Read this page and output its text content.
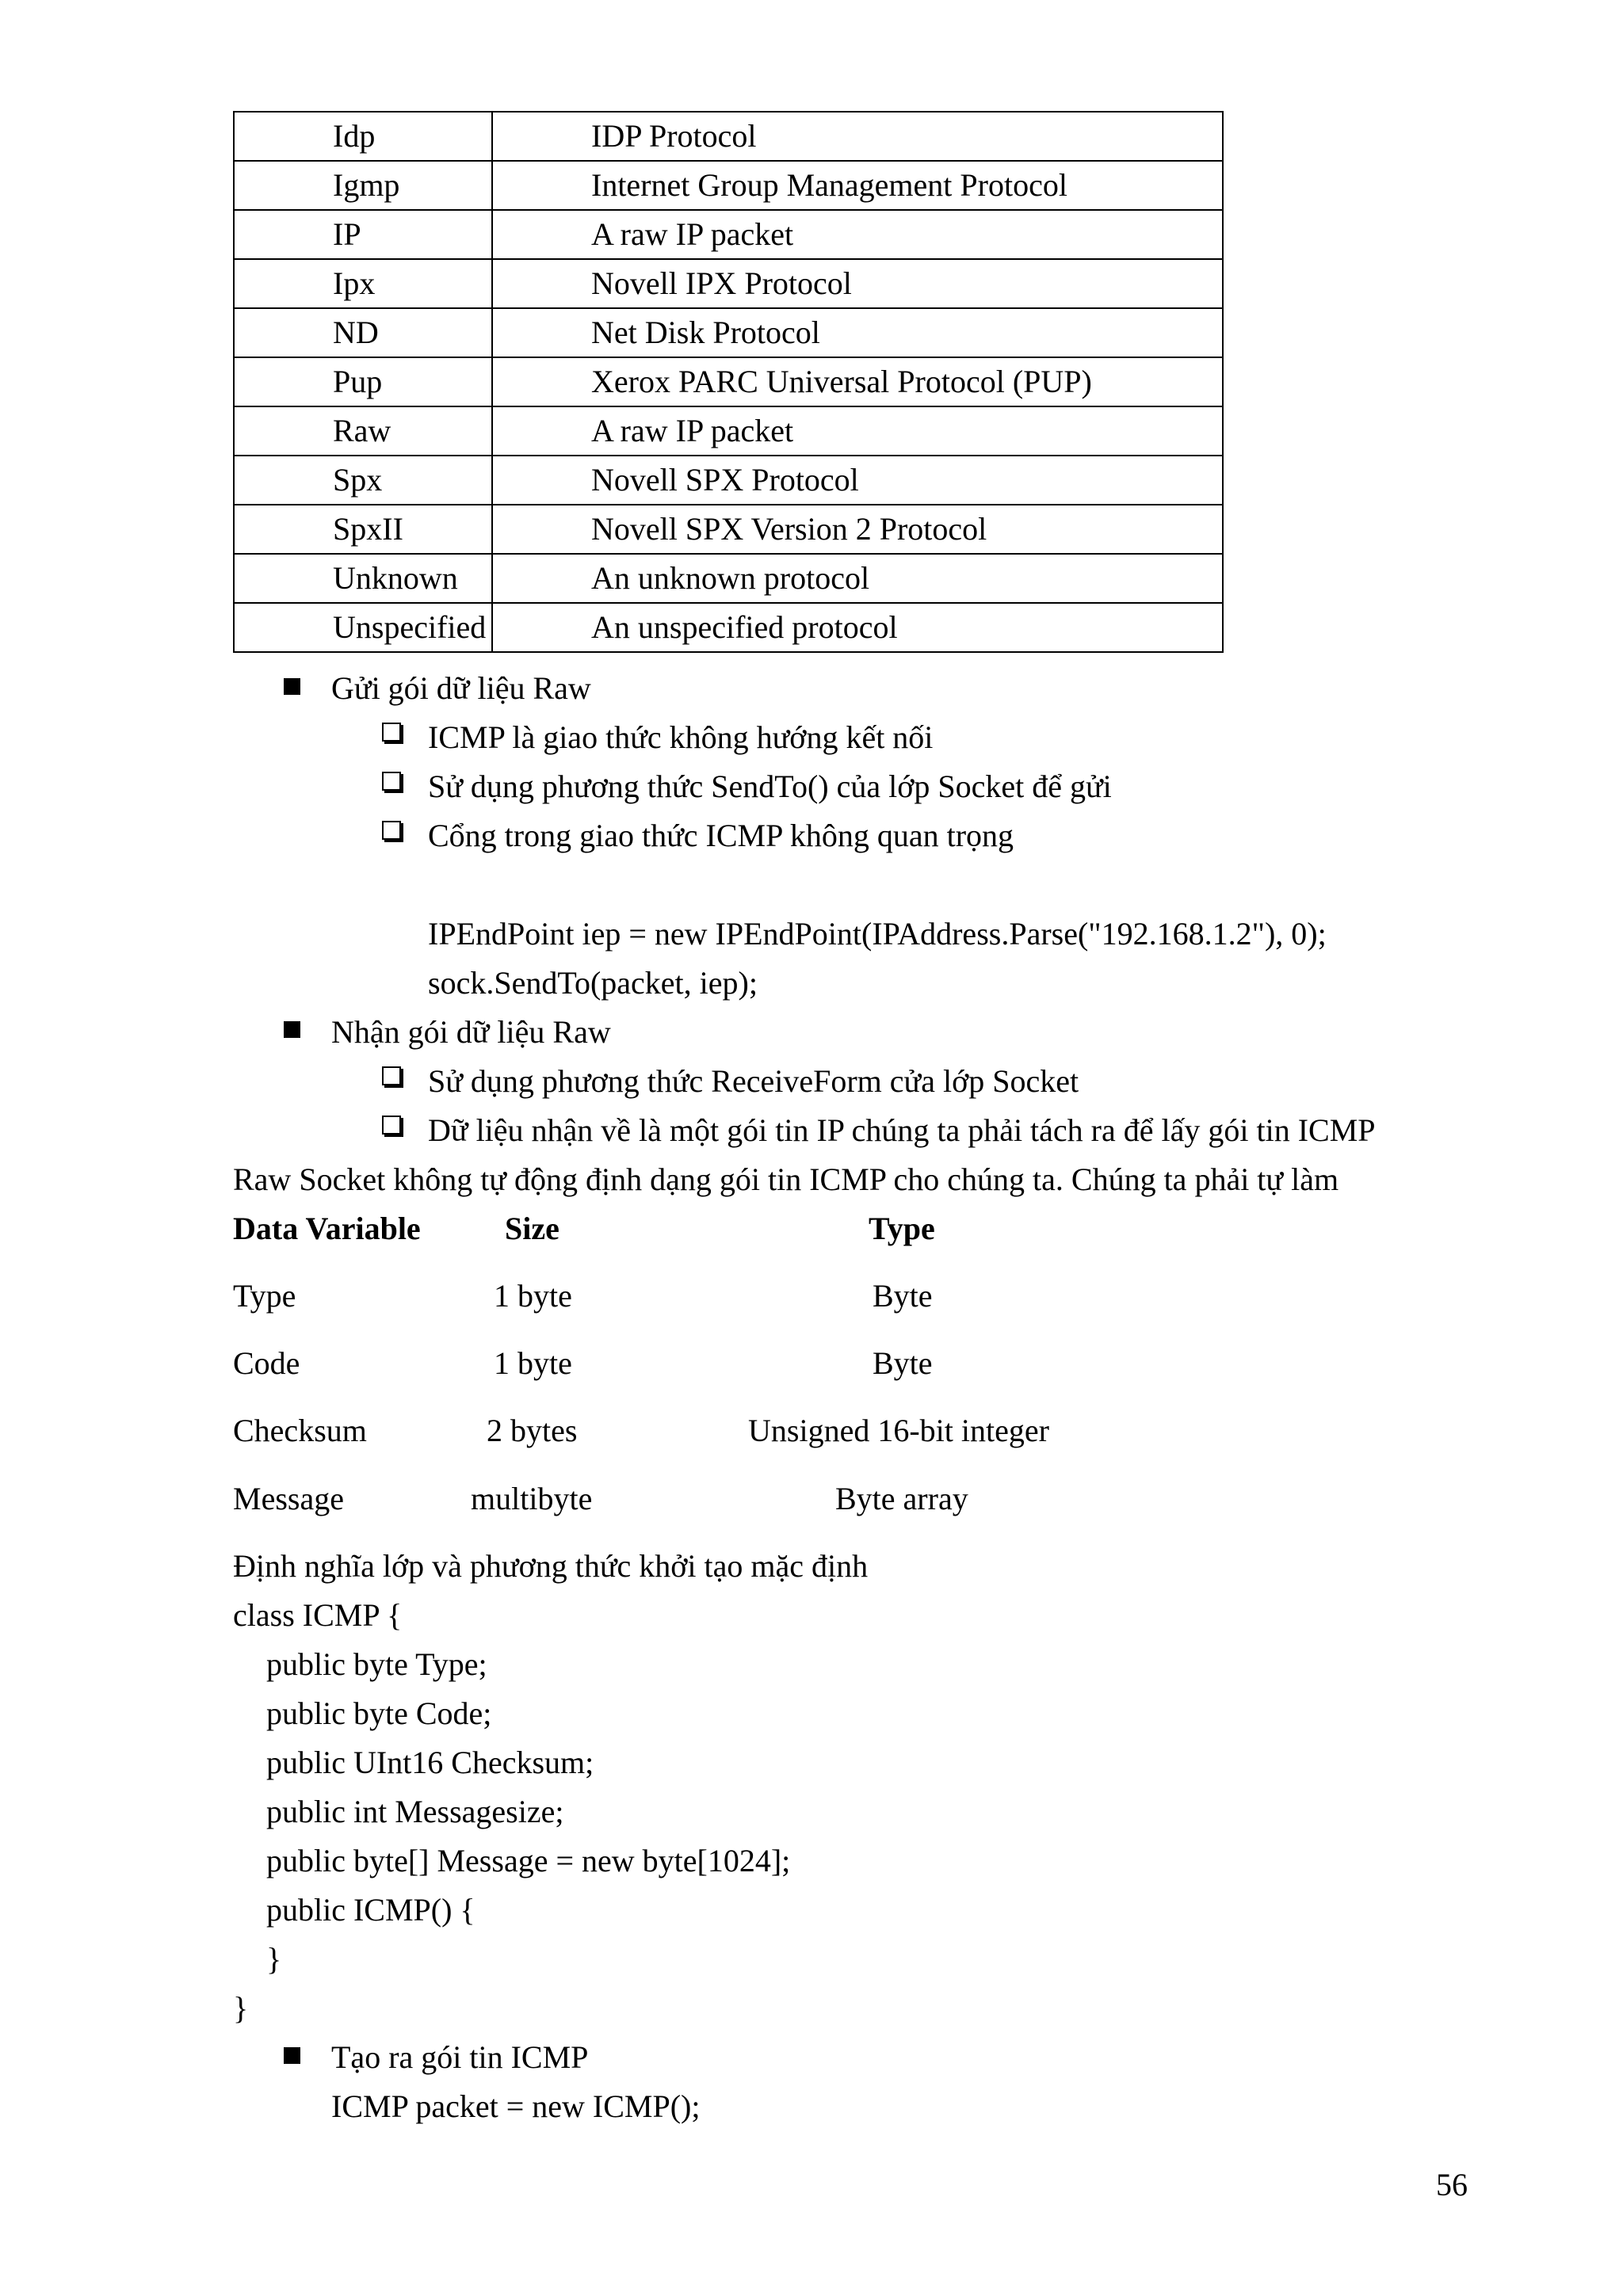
Idp	IDP Protocol
Igmp	Internet Group Management Protocol
IP	A raw IP packet
Ipx	Novell IPX Protocol
ND	Net Disk Protocol
Pup	Xerox PARC Universal Protocol (PUP)
Raw	A raw IP packet
Spx	Novell SPX Protocol
SpxII	Novell SPX Version 2 Protocol
Unknown	An unknown protocol
Unspecified	An unspecified protocol
Gửi gói dữ liệu Raw
ICMP là giao thức không hướng kết nối
Sử dụng phương thức SendTo() của lớp Socket để gửi
Cổng trong giao thức ICMP không quan trọng
IPEndPoint iep = new IPEndPoint(IPAddress.Parse("192.168.1.2"), 0);
sock.SendTo(packet, iep);
Nhận gói dữ liệu Raw
Sử dụng phương thức ReceiveForm cửa lớp Socket
Dữ liệu nhận về là một gói tin IP chúng ta phải tách ra để lấy gói tin ICMP
Raw Socket không tự động định dạng gói tin ICMP cho chúng ta. Chúng ta phải tự làm
Data Variable	Size	Type
Type	1 byte	Byte
Code	1 byte	Byte
Checksum	2 bytes	Unsigned 16-bit integer
Message	multibyte	Byte array
Định nghĩa lớp và phương thức khởi tạo mặc định
class ICMP {
public byte Type;
public byte Code;
public UInt16 Checksum;
public int Messagesize;
public byte[] Message = new byte[1024];
public ICMP() {
}
}
Tạo ra gói tin ICMP
ICMP packet = new ICMP();
56
